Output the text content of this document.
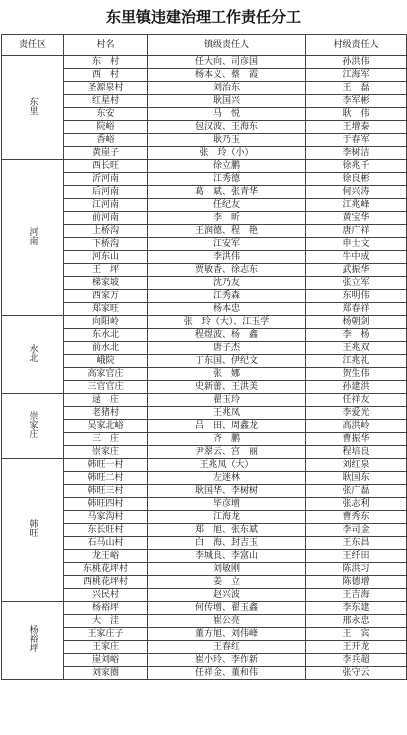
东里镇违建治理工作责任分工
责任区	村名	镇级责任人	村级责任人
东里	东　村	任大向、司彦国	孙洪伟
	西　村	杨本义、蔡　霞	江海军
	圣源泉村	刘治东	王　磊
	红星村	耿国兴	李军彬
	东安	马　悦	耿　伟
	院峪	包汉波、王海东	王增泰
	香峪	耿乃玉	于春军
	黄崖子	张　玲（小）	李树洁
河南	西长旺	徐立鹏	徐兆千
	沂河南	江秀德	徐良彬
	后河南	葛　斌、张青华	何兴涛
	江河南	任纪友	江兆峰
	前河南	李　昕	黄宝华
	上桥沟	王润德、程　艳	唐广祥
	下桥沟	江安军	申士文
	河东山	李洪伟	牛中成
	王　坪	贾敏香、徐志东	武振华
	梯家坡	沈乃友	张立军
	西家万	江秀森	东明伟
	郑家旺	杨本忠	郑春祥
水北	向阳岭	张　玲（大）、江玉学	杨朝剑
	东水北	程煜波、杨　鑫	李　杨
	前水北	唐子杰	王兆双
	峨院	丁东国、伊纪文	江兆礼
	高家官庄	张　娜	贺生伟
	三官官庄	史新蕾、王洪美	孙建洪
崇家庄	逯　庄	翟玉玲	任祥友
	老猪村	王兆凤	李爱光
	吴家北峪	吕　田、周鑫龙	高洪岭
	三　庄	齐　鹏	曹振华
	崇家庄	尹翠云、宫　丽	程培良
韩旺	韩旺一村	王兆凤（大）	刘红泉
	韩旺二村	左迷林	耿国东
	韩旺三村	耿国华、李树树	张广磊
	韩旺四村	毕彦增	张志利
	马家沟村	江海龙	曹秀东
	东长旺村	郑　旭、张东斌	李司金
	石马山村	白　海、封吉玉	王东昌
	龙王峪	李城良、李富山	王纤田
	东桃花坪村	刘敏刚	陈洪习
	西桃花坪村	姜　立	陈德增
	兴民村	赵兴波	王吉海
杨裕坪	杨裕坪	何传增、翟玉鑫	李东建
	大　洼	崔公亮	邢永忠
	王家庄子	董方旭、刘伟峰	王　宾
	王家庄	王春红	王开龙
	崖刘峪	崔小玲、李作新	李兵超
	刘家圈	任祥金、董和伟	张守云
